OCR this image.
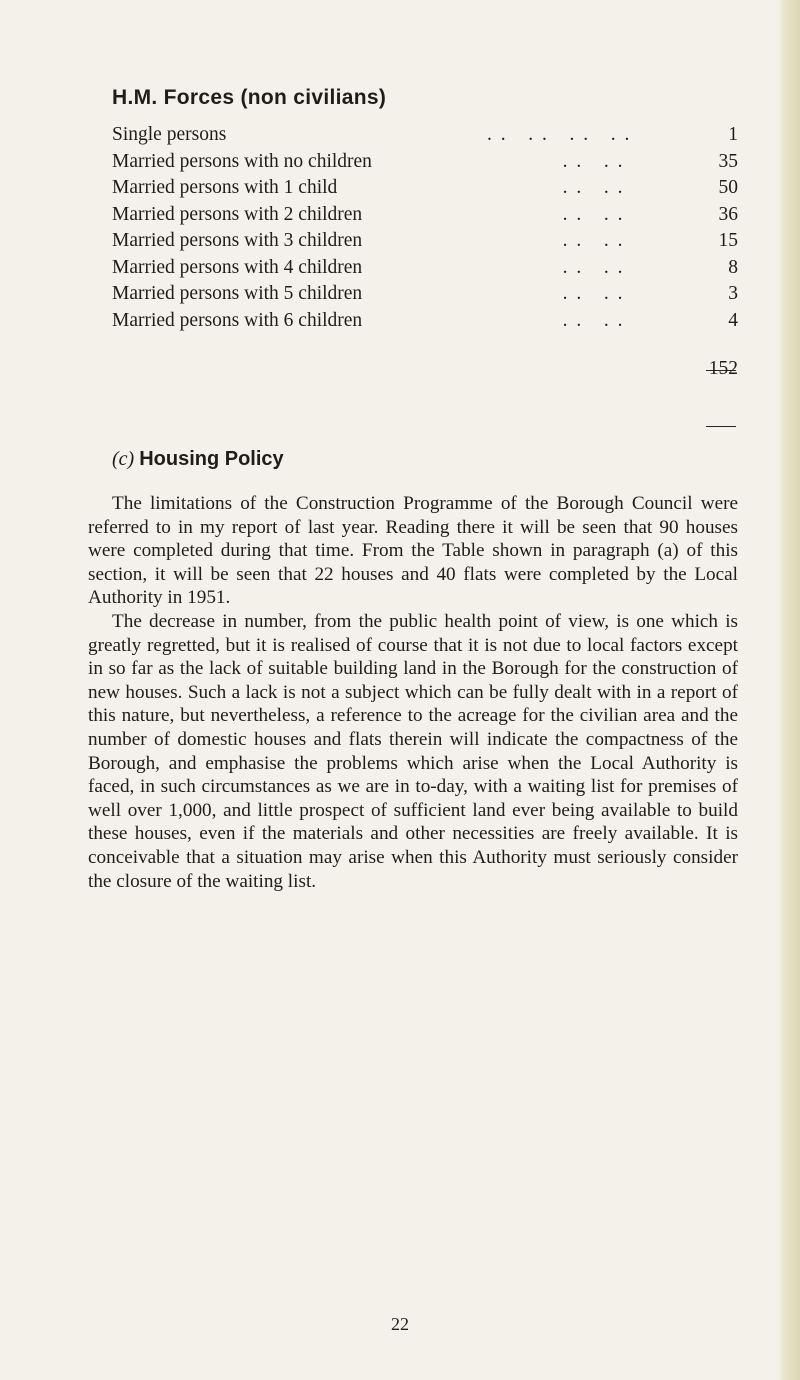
H.M. Forces (non civilians)
Single persons	. .   . .   . .   . .	1
Married persons with no children	. .   . .	35
Married persons with 1 child	. .   . .	50
Married persons with 2 children	. .   . .	36
Married persons with 3 children	. .   . .	15
Married persons with 4 children	. .   . .	8
Married persons with 5 children	. .   . .	3
Married persons with 6 children	. .   . .	4
152
(c) Housing Policy

The limitations of the Construction Programme of the Borough Council were referred to in my report of last year. Reading there it will be seen that 90 houses were completed during that time. From the Table shown in paragraph (a) of this section, it will be seen that 22 houses and 40 flats were completed by the Local Authority in 1951.

The decrease in number, from the public health point of view, is one which is greatly regretted, but it is realised of course that it is not due to local factors except in so far as the lack of suitable building land in the Borough for the construction of new houses. Such a lack is not a subject which can be fully dealt with in a report of this nature, but nevertheless, a reference to the acreage for the civilian area and the number of domestic houses and flats therein will indicate the compactness of the Borough, and emphasise the problems which arise when the Local Authority is faced, in such circumstances as we are in to-day, with a waiting list for premises of well over 1,000, and little prospect of sufficient land ever being available to build these houses, even if the materials and other necessities are freely available. It is conceivable that a situation may arise when this Authority must seriously consider the closure of the waiting list.

22
